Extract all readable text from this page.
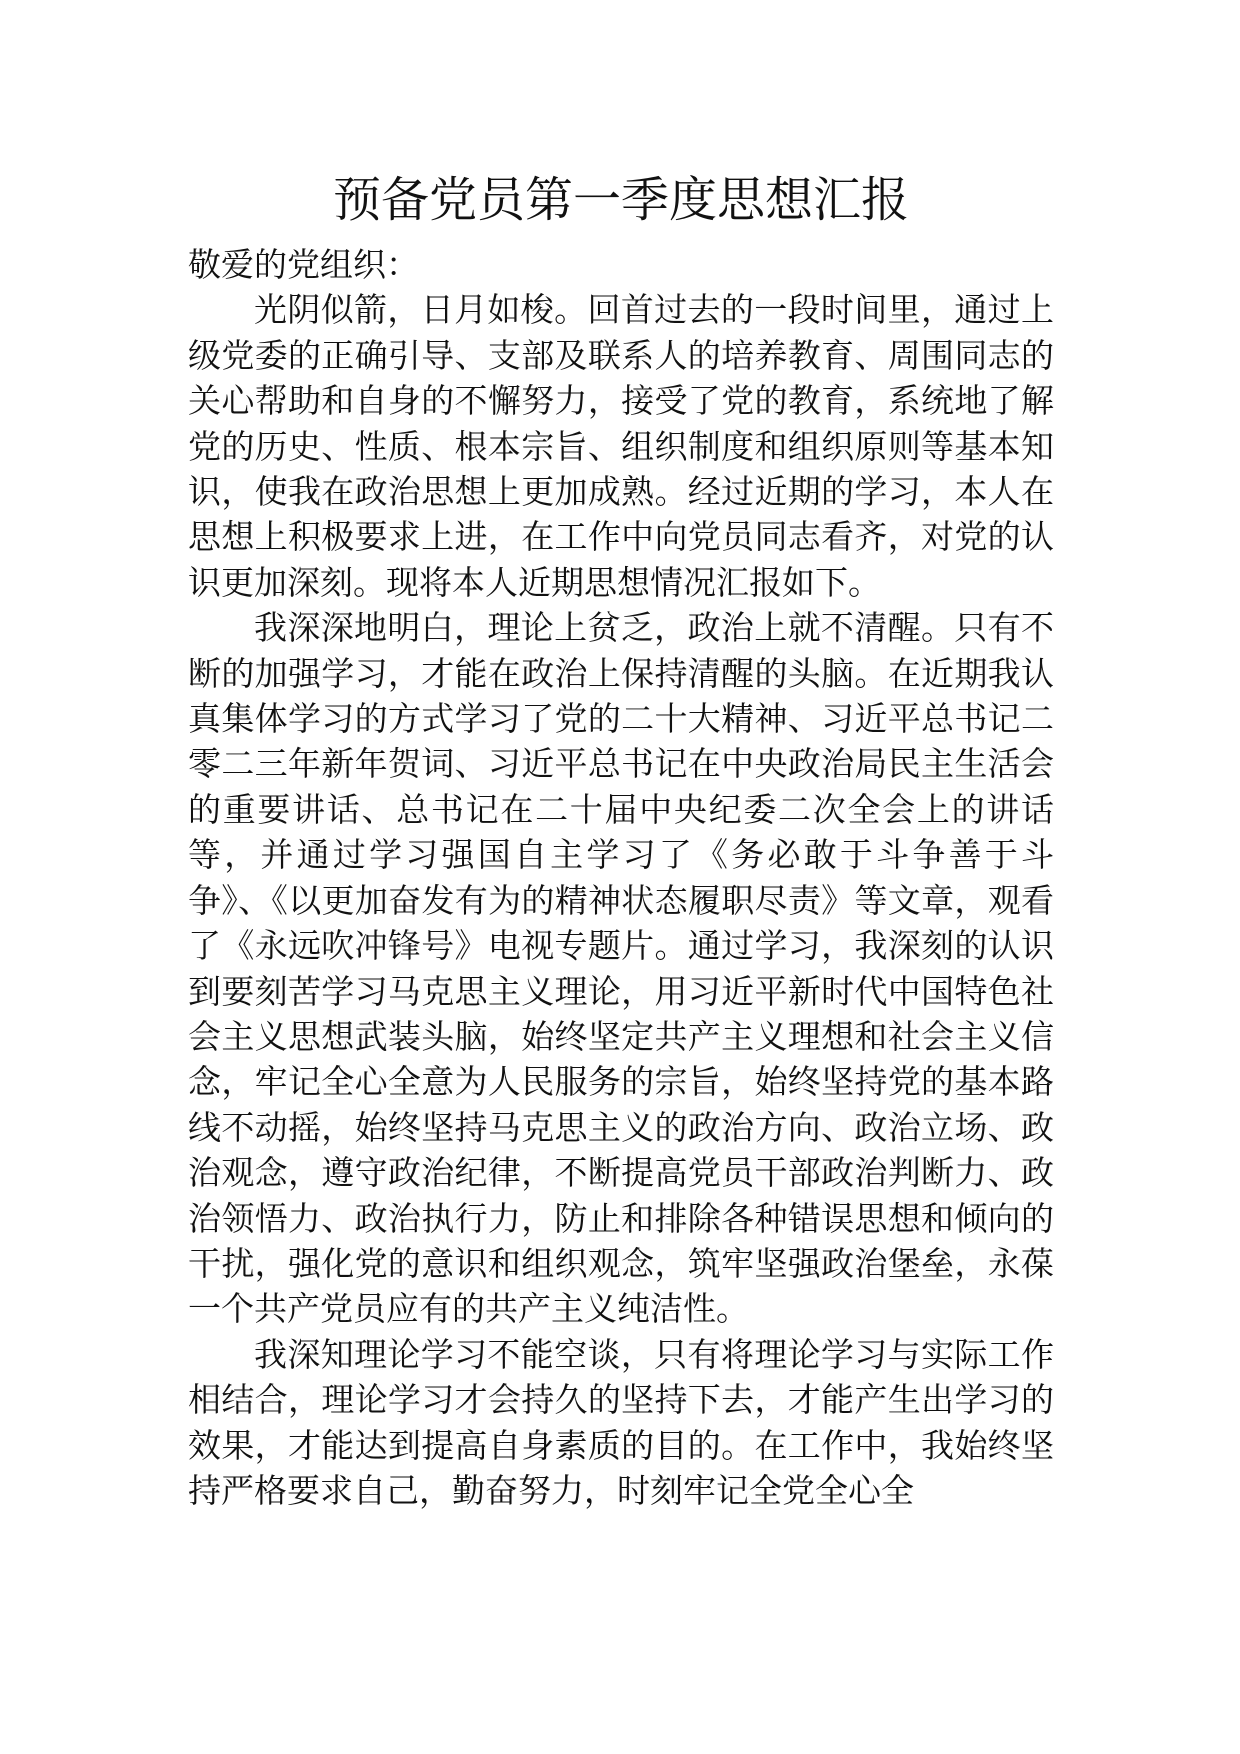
预备党员第一季度思想汇报

敬爱的党组织：

光阴似箭，日月如梭。回首过去的一段时间里，通过上级党委的正确引导、支部及联系人的培养教育、周围同志的关心帮助和自身的不懈努力，接受了党的教育，系统地了解党的历史、性质、根本宗旨、组织制度和组织原则等基本知识，使我在政治思想上更加成熟。经过近期的学习，本人在思想上积极要求上进，在工作中向党员同志看齐，对党的认识更加深刻。现将本人近期思想情况汇报如下。

我深深地明白，理论上贫乏，政治上就不清醒。只有不断的加强学习，才能在政治上保持清醒的头脑。在近期我认真集体学习的方式学习了党的二十大精神、习近平总书记二零二三年新年贺词、习近平总书记在中央政治局民主生活会的重要讲话、总书记在二十届中央纪委二次全会上的讲话等，并通过学习强国自主学习了《务必敢于斗争善于斗争》、《以更加奋发有为的精神状态履职尽责》等文章，观看了《永远吹冲锋号》电视专题片。通过学习，我深刻的认识到要刻苦学习马克思主义理论，用习近平新时代中国特色社会主义思想武装头脑，始终坚定共产主义理想和社会主义信念，牢记全心全意为人民服务的宗旨，始终坚持党的基本路线不动摇，始终坚持马克思主义的政治方向、政治立场、政治观念，遵守政治纪律，不断提高党员干部政治判断力、政治领悟力、政治执行力，防止和排除各种错误思想和倾向的干扰，强化党的意识和组织观念，筑牢坚强政治堡垒，永葆一个共产党员应有的共产主义纯洁性。

我深知理论学习不能空谈，只有将理论学习与实际工作相结合，理论学习才会持久的坚持下去，才能产生出学习的效果，才能达到提高自身素质的目的。在工作中，我始终坚持严格要求自己，勤奋努力，时刻牢记全党全心全
